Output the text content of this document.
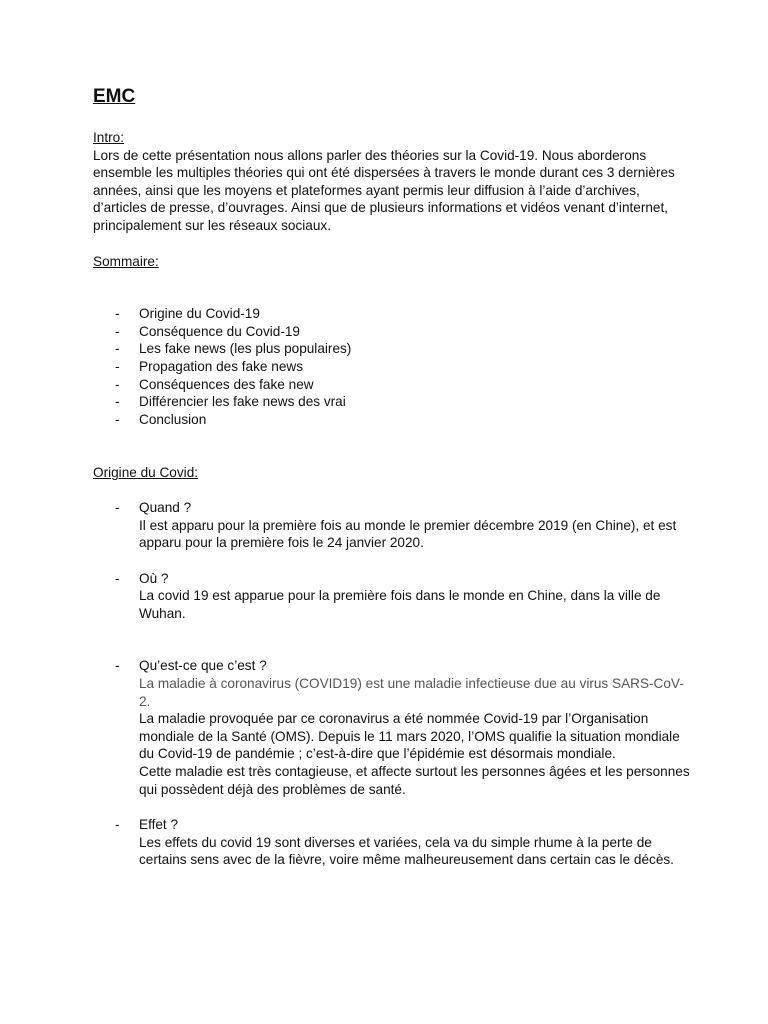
EMC
Intro:

Lors de cette présentation nous allons parler des théories sur la Covid-19. Nous aborderons ensemble les multiples théories qui ont été dispersées à travers le monde durant ces 3 dernières années, ainsi que les moyens et plateformes ayant permis leur diffusion à l’aide d’archives, d’articles de presse, d’ouvrages. Ainsi que de plusieurs informations et vidéos venant d’internet, principalement sur les réseaux sociaux.

Sommaire:
- Origine du Covid-19
- Conséquence du Covid-19
- Les fake news (les plus populaires)
- Propagation des fake news
- Conséquences des fake new
- Différencier les fake news des vrai
- Conclusion
Origine du Covid:
- Quand ?

Il est apparu pour la première fois au monde le premier décembre 2019 (en Chine), et est apparu pour la première fois le 24 janvier 2020.

- Où ?

La covid 19 est apparue pour la première fois dans le monde en Chine, dans la ville de Wuhan.

- Qu’est-ce que c’est ?

La maladie à coronavirus (COVID19) est une maladie infectieuse due au virus SARS-CoV-2.

La maladie provoquée par ce coronavirus a été nommée Covid-19 par l’Organisation mondiale de la Santé (OMS). Depuis le 11 mars 2020, l’OMS qualifie la situation mondiale du Covid-19 de pandémie ; c’est-à-dire que l’épidémie est désormais mondiale.

Cette maladie est très contagieuse, et affecte surtout les personnes âgées et les personnes qui possèdent déjà des problèmes de santé.

- Effet ?

Les effets du covid 19 sont diverses et variées, cela va du simple rhume à la perte de certains sens avec de la fièvre, voire même malheureusement dans certain cas le décès.
